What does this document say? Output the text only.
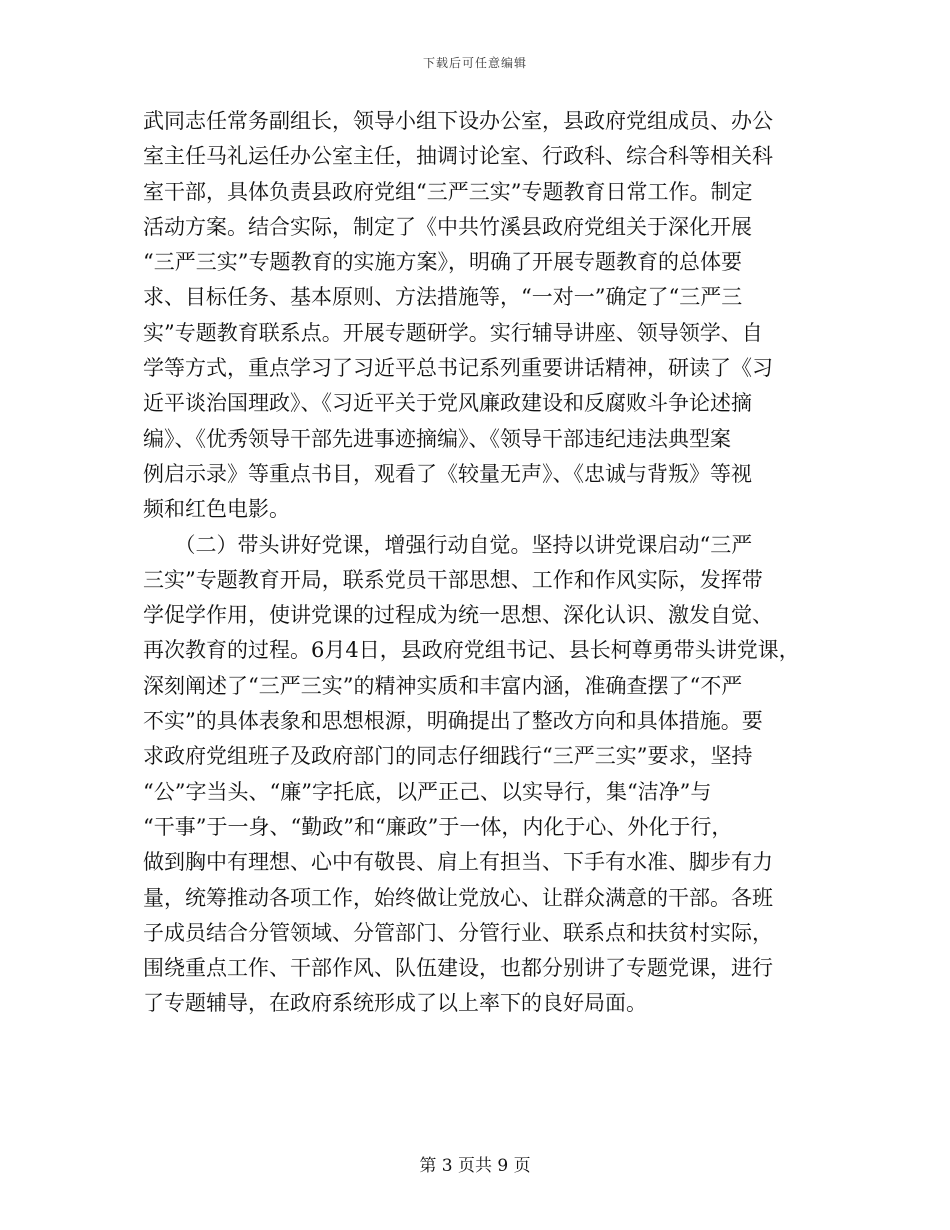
下载后可任意编辑
武同志任常务副组长，领导小组下设办公室，县政府党组成员、办公
室主任马礼运任办公室主任，抽调讨论室、行政科、综合科等相关科
室干部，具体负责县政府党组“三严三实”专题教育日常工作。制定
活动方案。结合实际，制定了《中共竹溪县政府党组关于深化开展
“三严三实”专题教育的实施方案》，明确了开展专题教育的总体要
求、目标任务、基本原则、方法措施等，“一对一”确定了“三严三
实”专题教育联系点。开展专题研学。实行辅导讲座、领导领学、自
学等方式，重点学习了习近平总书记系列重要讲话精神，研读了《习
近平谈治国理政》、《习近平关于党风廉政建设和反腐败斗争论述摘
编》、《优秀领导干部先进事迹摘编》、《领导干部违纪违法典型案
例启示录》等重点书目，观看了《较量无声》、《忠诚与背叛》等视
频和红色电影。
　　（二）带头讲好党课，增强行动自觉。坚持以讲党课启动“三严
三实”专题教育开局，联系党员干部思想、工作和作风实际，发挥带
学促学作用，使讲党课的过程成为统一思想、深化认识、激发自觉、
再次教育的过程。6月4日，县政府党组书记、县长柯尊勇带头讲党课，
深刻阐述了“三严三实”的精神实质和丰富内涵，准确查摆了“不严
不实”的具体表象和思想根源，明确提出了整改方向和具体措施。要
求政府党组班子及政府部门的同志仔细践行“三严三实”要求，坚持
“公”字当头、“廉”字托底，以严正己、以实导行，集“洁净”与
“干事”于一身、“勤政”和“廉政”于一体，内化于心、外化于行，
做到胸中有理想、心中有敬畏、肩上有担当、下手有水准、脚步有力
量，统筹推动各项工作，始终做让党放心、让群众满意的干部。各班
子成员结合分管领域、分管部门、分管行业、联系点和扶贫村实际，
围绕重点工作、干部作风、队伍建设，也都分别讲了专题党课，进行
了专题辅导，在政府系统形成了以上率下的良好局面。
第 3 页共 9 页
